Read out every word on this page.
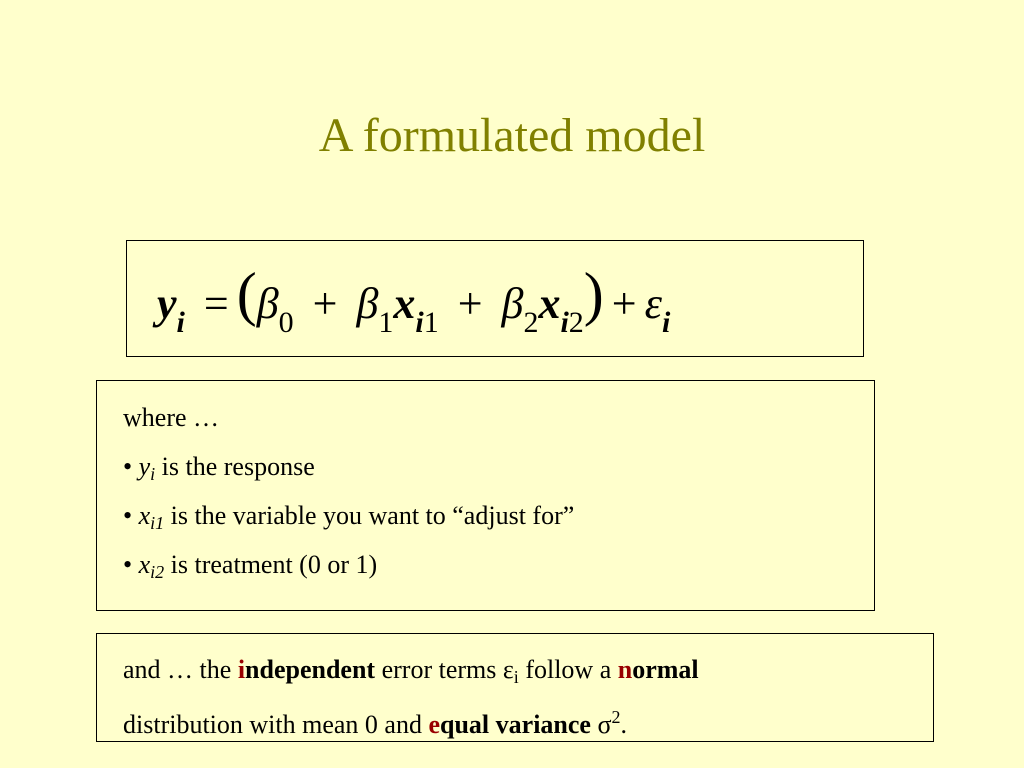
A formulated model
$y_i = (\beta_0 + \beta_1x_{i1} + \beta_2x_{i2}) + \varepsilon_i$
where …
• yi is the response
• xi1 is the variable you want to “adjust for”
• xi2 is treatment (0 or 1)
and … the independent error terms εi follow a normal
distribution with mean 0 and equal variance $\sigma^2$.
